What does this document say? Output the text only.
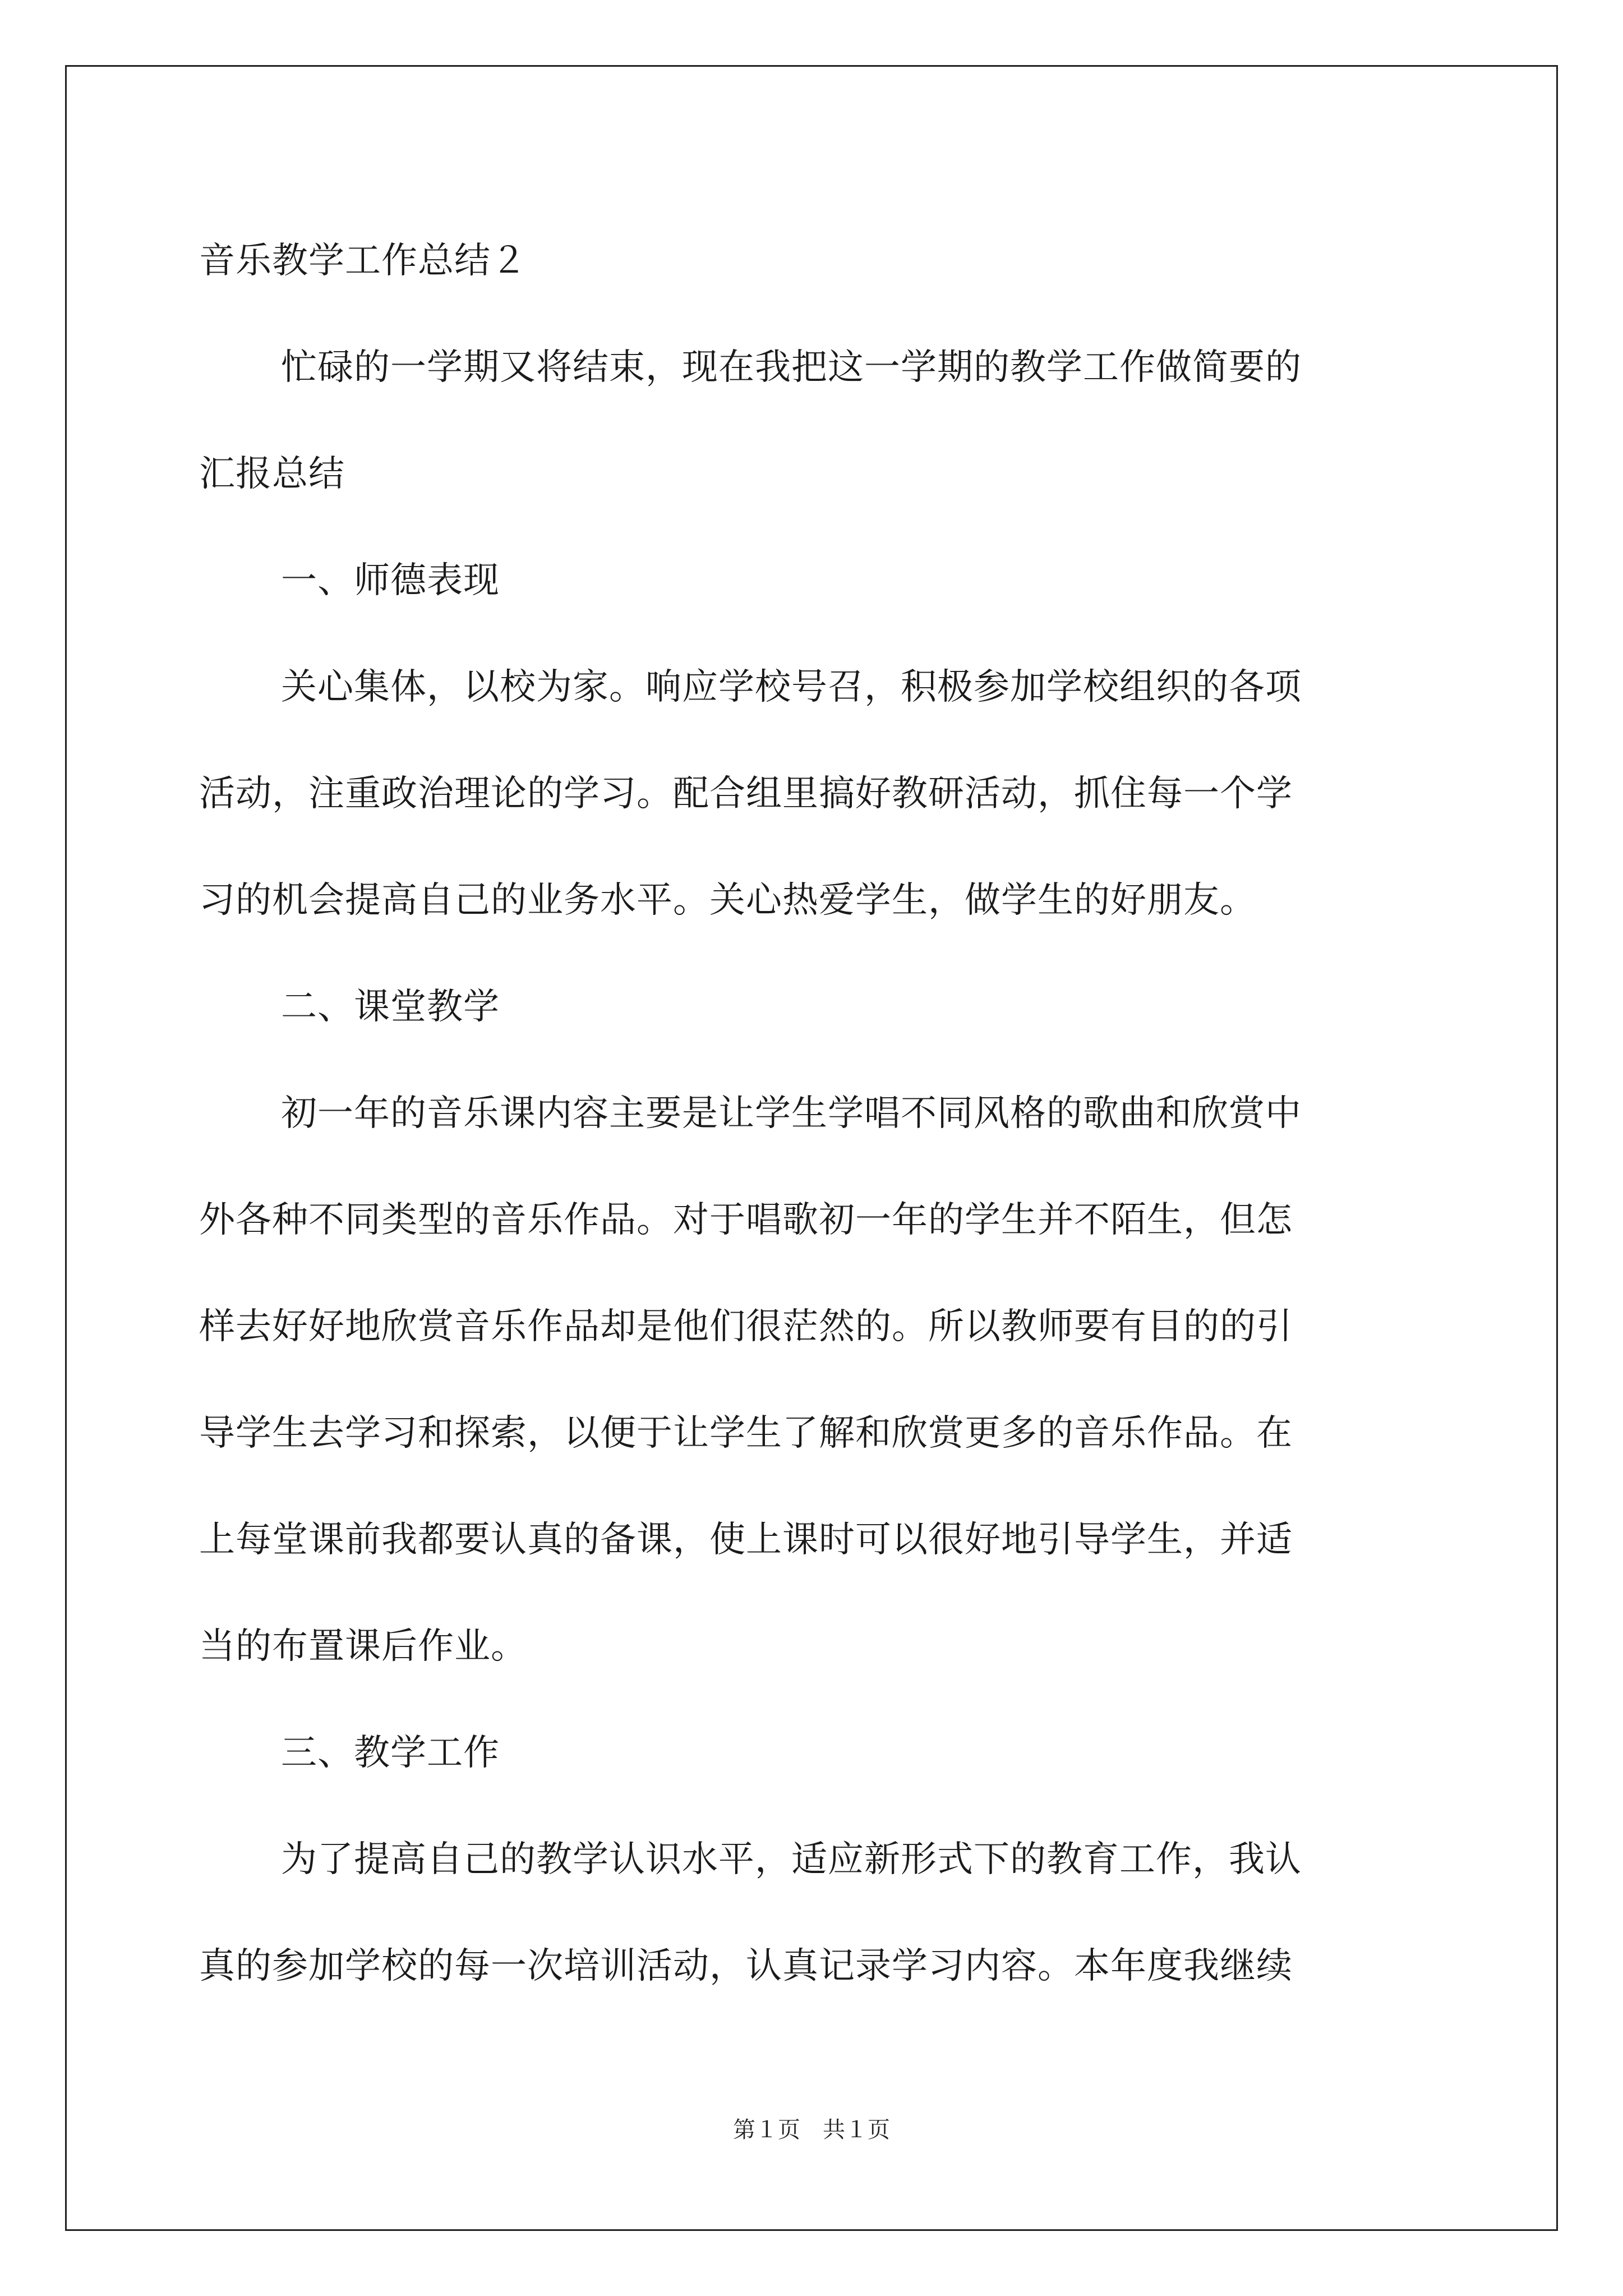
音乐教学工作总结２
忙碌的一学期又将结束，现在我把这一学期的教学工作做简要的
汇报总结
一、师德表现
关心集体，以校为家。响应学校号召，积极参加学校组织的各项
活动，注重政治理论的学习。配合组里搞好教研活动，抓住每一个学
习的机会提高自己的业务水平。关心热爱学生，做学生的好朋友。
二、课堂教学
初一年的音乐课内容主要是让学生学唱不同风格的歌曲和欣赏中
外各种不同类型的音乐作品。对于唱歌初一年的学生并不陌生，但怎
样去好好地欣赏音乐作品却是他们很茫然的。所以教师要有目的的引
导学生去学习和探索，以便于让学生了解和欣赏更多的音乐作品。在
上每堂课前我都要认真的备课，使上课时可以很好地引导学生，并适
当的布置课后作业。
三、教学工作
为了提高自己的教学认识水平，适应新形式下的教育工作，我认
真的参加学校的每一次培训活动，认真记录学习内容。本年度我继续
第１页 共１页
